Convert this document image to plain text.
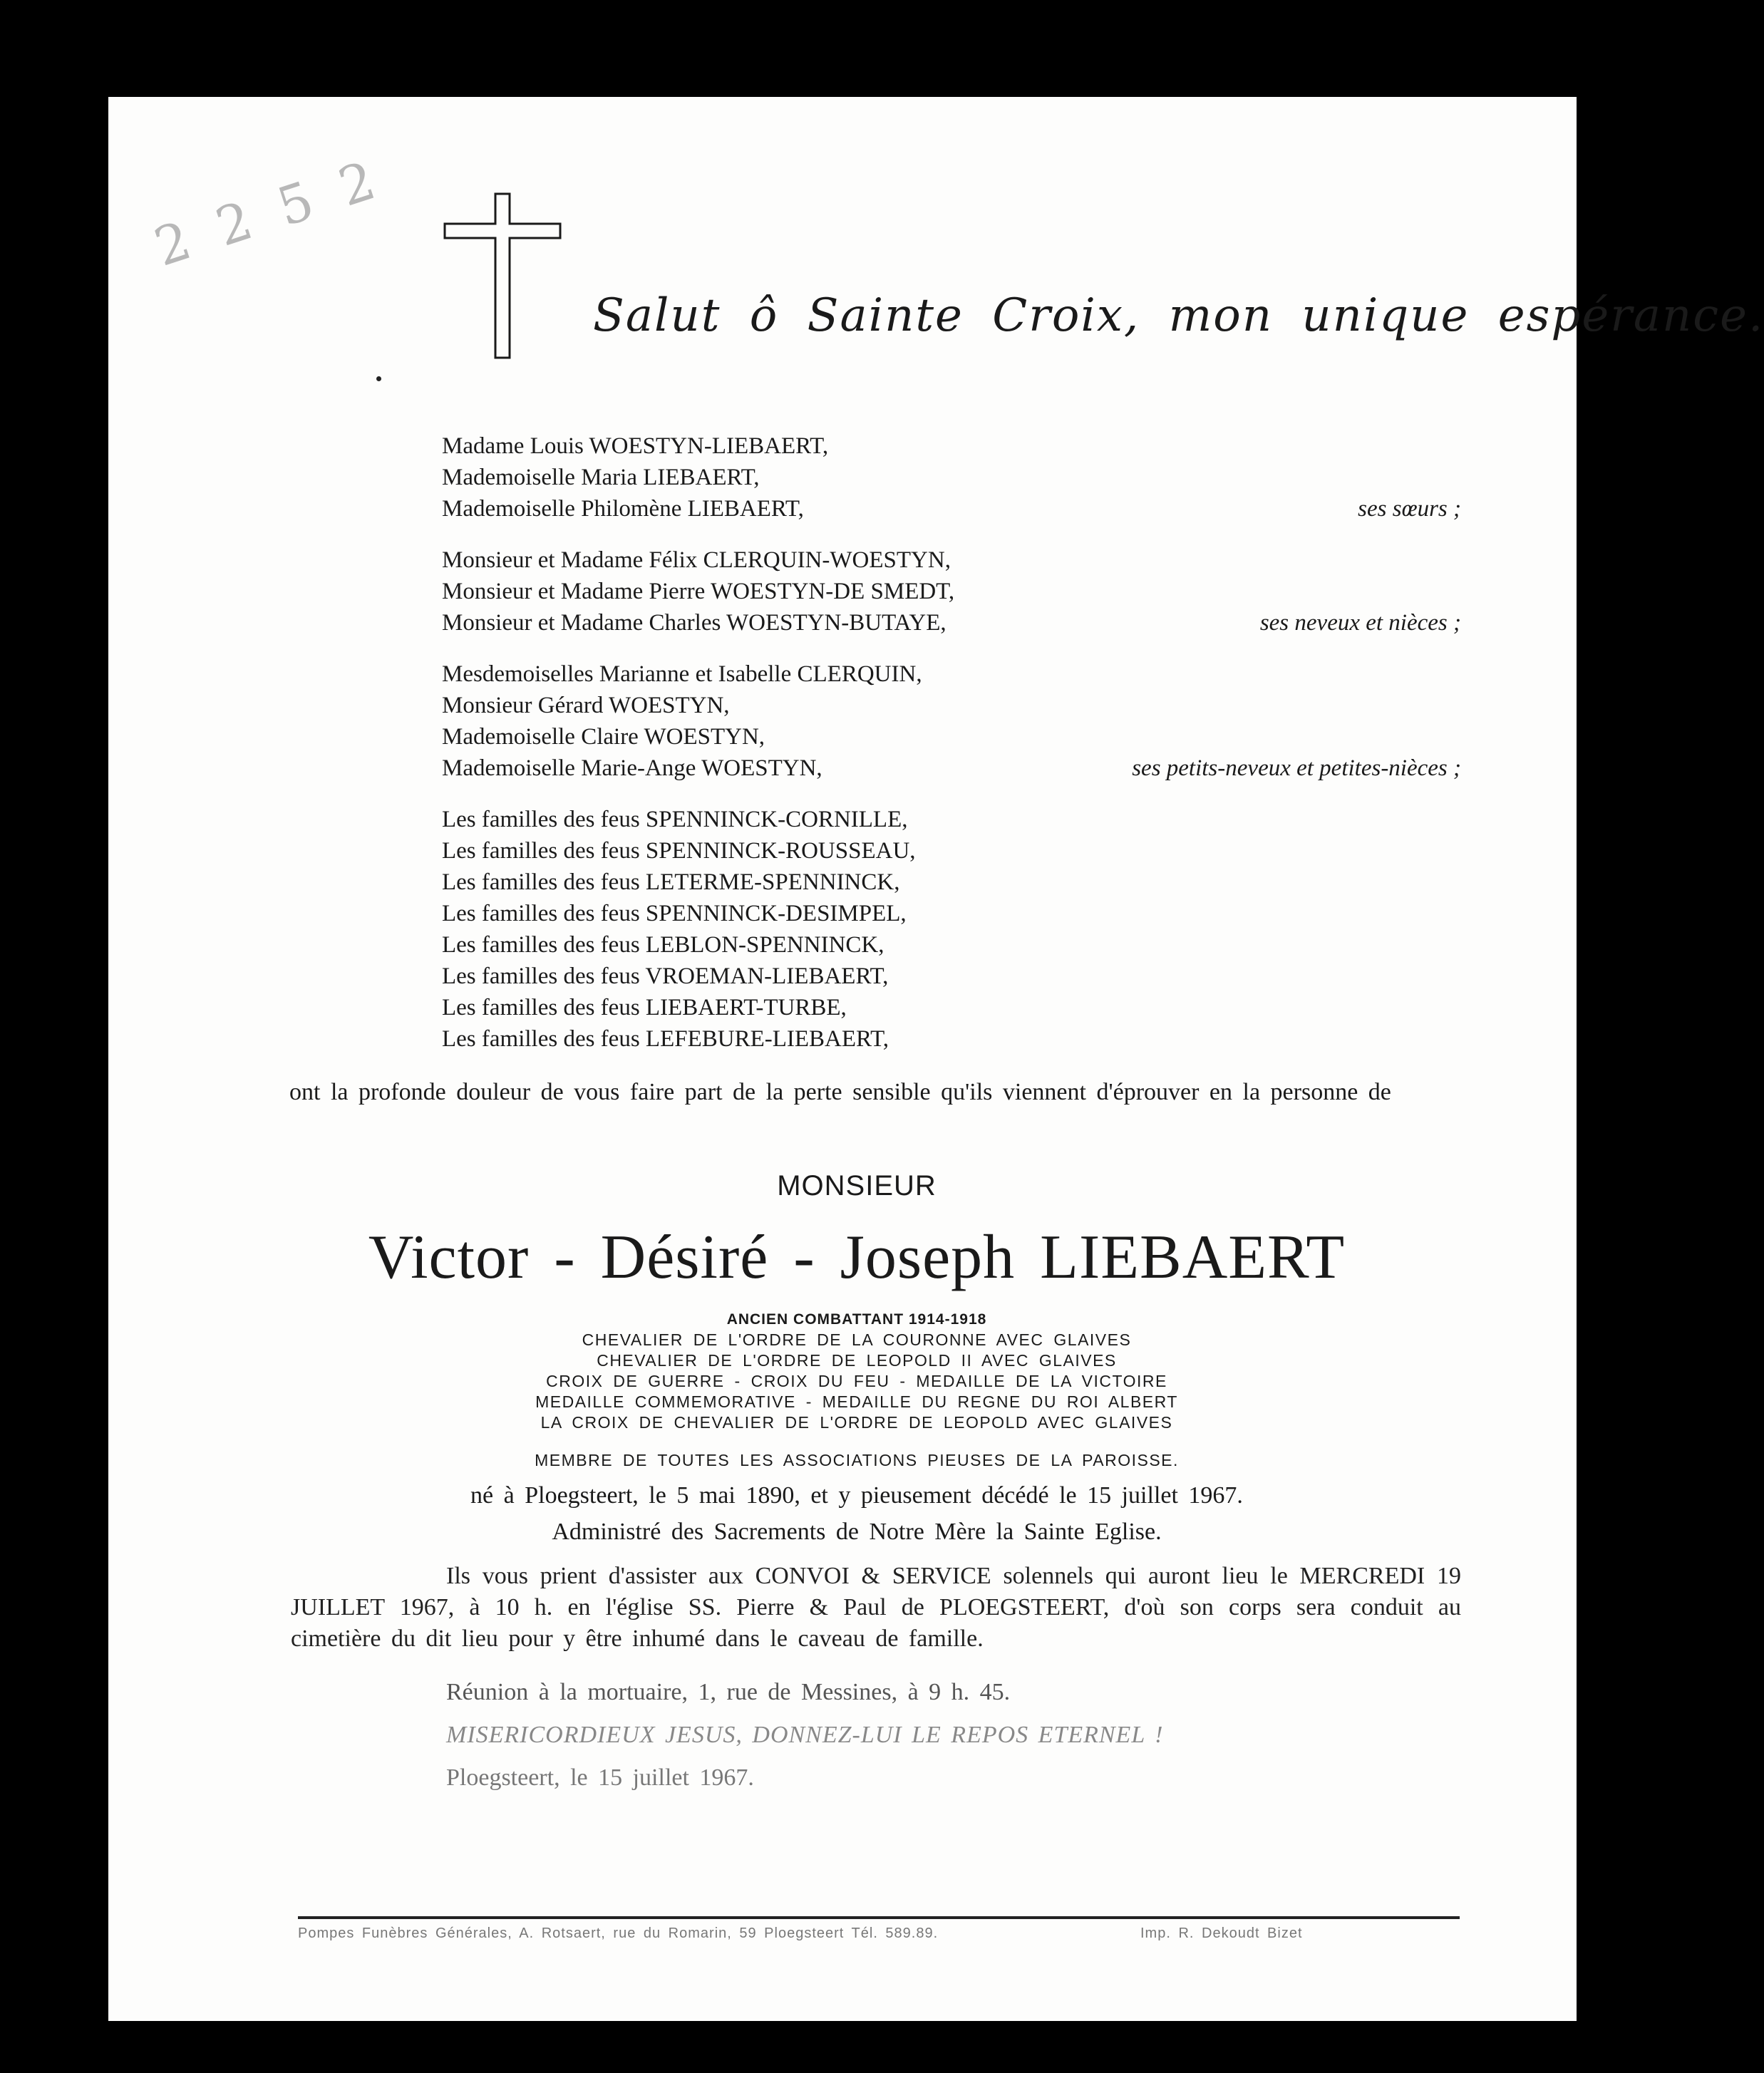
2 2 5 2
Salut ô Sainte Croix, mon unique espérance.
Madame Louis WOESTYN-LIEBAERT,
Mademoiselle Maria LIEBAERT,
Mademoiselle Philomène LIEBAERT,	ses sœurs ;
Monsieur et Madame Félix CLERQUIN-WOESTYN,
Monsieur et Madame Pierre WOESTYN-DE SMEDT,
Monsieur et Madame Charles WOESTYN-BUTAYE,	ses neveux et nièces ;
Mesdemoiselles Marianne et Isabelle CLERQUIN,
Monsieur Gérard WOESTYN,
Mademoiselle Claire WOESTYN,
Mademoiselle Marie-Ange WOESTYN,	ses petits-neveux et petites-nièces ;
Les familles des feus SPENNINCK-CORNILLE,
Les familles des feus SPENNINCK-ROUSSEAU,
Les familles des feus LETERME-SPENNINCK,
Les familles des feus SPENNINCK-DESIMPEL,
Les familles des feus LEBLON-SPENNINCK,
Les familles des feus VROEMAN-LIEBAERT,
Les familles des feus LIEBAERT-TURBE,
Les familles des feus LEFEBURE-LIEBAERT,
ont la profonde douleur de vous faire part de la perte sensible qu'ils viennent d'éprouver en la personne de
MONSIEUR
Victor - Désiré - Joseph LIEBAERT
ANCIEN COMBATTANT 1914-1918
CHEVALIER DE L'ORDRE DE LA COURONNE AVEC GLAIVES
CHEVALIER DE L'ORDRE DE LEOPOLD II AVEC GLAIVES
CROIX DE GUERRE - CROIX DU FEU - MEDAILLE DE LA VICTOIRE
MEDAILLE COMMEMORATIVE - MEDAILLE DU REGNE DU ROI ALBERT
LA CROIX DE CHEVALIER DE L'ORDRE DE LEOPOLD AVEC GLAIVES
MEMBRE DE TOUTES LES ASSOCIATIONS PIEUSES DE LA PAROISSE.
né à Ploegsteert, le 5 mai 1890, et y pieusement décédé le 15 juillet 1967.
Administré des Sacrements de Notre Mère la Sainte Eglise.
Ils vous prient d'assister aux CONVOI & SERVICE solennels qui auront lieu le MERCREDI 19 JUILLET 1967, à 10 h. en l'église SS. Pierre & Paul de PLOEGSTEERT, d'où son corps sera conduit au cimetière du dit lieu pour y être inhumé dans le caveau de famille.
Réunion à la mortuaire, 1, rue de Messines, à 9 h. 45.
MISERICORDIEUX JESUS, DONNEZ-LUI LE REPOS ETERNEL !
Ploegsteert, le 15 juillet 1967.
Pompes Funèbres Générales, A. Rotsaert, rue du Romarin, 59 Ploegsteert Tél. 589.89.	Imp. R. Dekoudt Bizet
